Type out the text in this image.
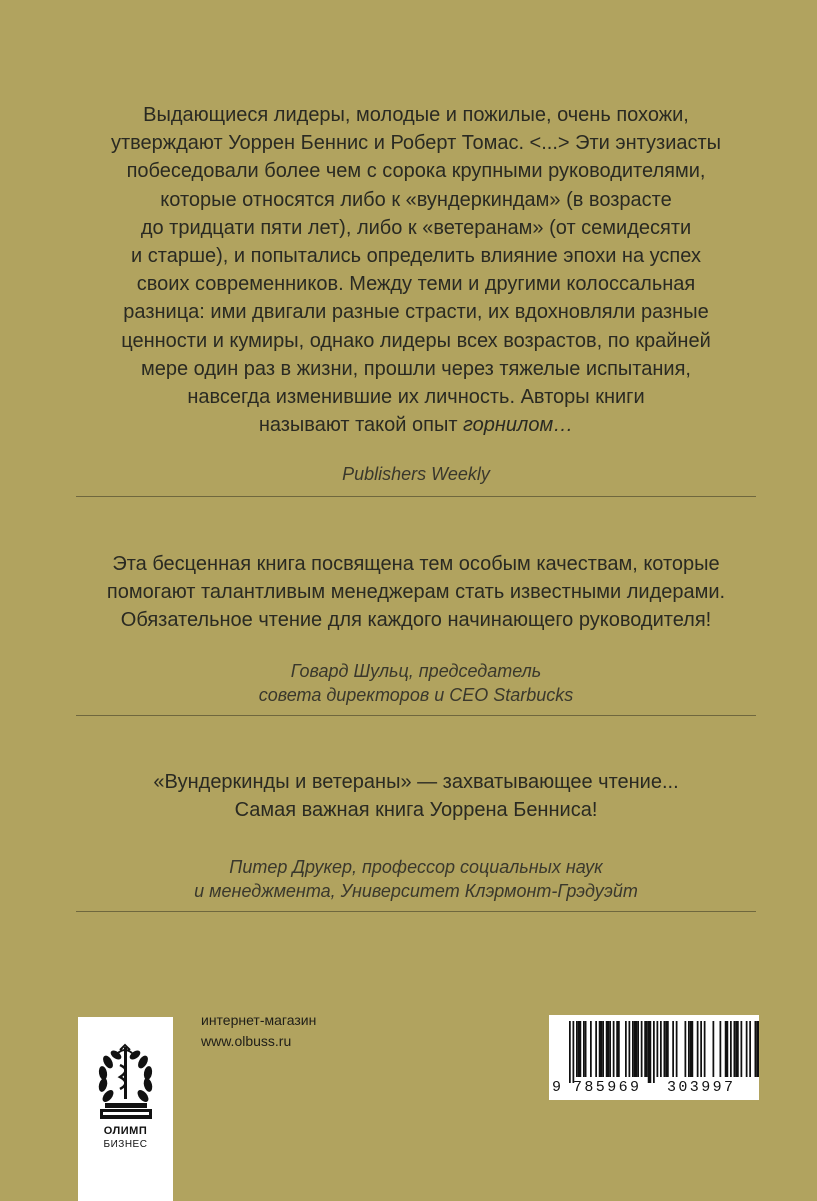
Выдающиеся лидеры, молодые и пожилые, очень похожи,
утверждают Уоррен Беннис и Роберт Томас. <...> Эти энтузиасты
побеседовали более чем с сорока крупными руководителями,
которые относятся либо к «вундеркиндам» (в возрасте
до тридцати пяти лет), либо к «ветеранам» (от семидесяти
и старше), и попытались определить влияние эпохи на успех
своих современников. Между теми и другими колоссальная
разница: ими двигали разные страсти, их вдохновляли разные
ценности и кумиры, однако лидеры всех возрастов, по крайней
мере один раз в жизни, прошли через тяжелые испытания,
навсегда изменившие их личность. Авторы книги
называют такой опыт горнилом…
Publishers Weekly
Эта бесценная книга посвящена тем особым качествам, которые
помогают талантливым менеджерам стать известными лидерами.
Обязательное чтение для каждого начинающего руководителя!
Говард Шульц, председатель
совета директоров и CEO Starbucks
«Вундеркинды и ветераны» — захватывающее чтение...
Самая важная книга Уоррена Бенниса!
Питер Друкер, профессор социальных наук
и менеджмента, Университет Клэрмонт-Грэдуэйт
ОЛИМП
БИЗНЕС
интернет-магазин
www.olbuss.ru
9 785969 303997
